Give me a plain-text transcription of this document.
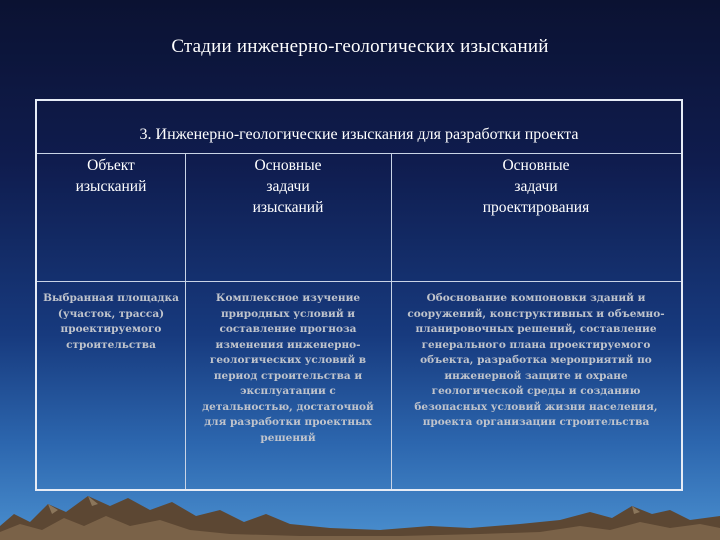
Стадии инженерно-геологических изысканий
3. Инженерно-геологические изыскания для разработки проекта
Объект
изысканий
Основные
задачи
изысканий
Основные
задачи
проектирования
Выбранная площадка (участок, трасса) проектируемого строительства
Комплексное изучение природных условий и составление прогноза изменения инженерно-геологических условий в период строительства и эксплуатации с детальностью, достаточной для разработки проектных решений
Обоснование компоновки зданий и сооружений, конструктивных и объемно-планировочных решений, составление генерального плана проектируемого объекта, разработка мероприятий по инженерной защите и охране геологической среды и созданию безопасных условий жизни населения, проекта организации строительства
